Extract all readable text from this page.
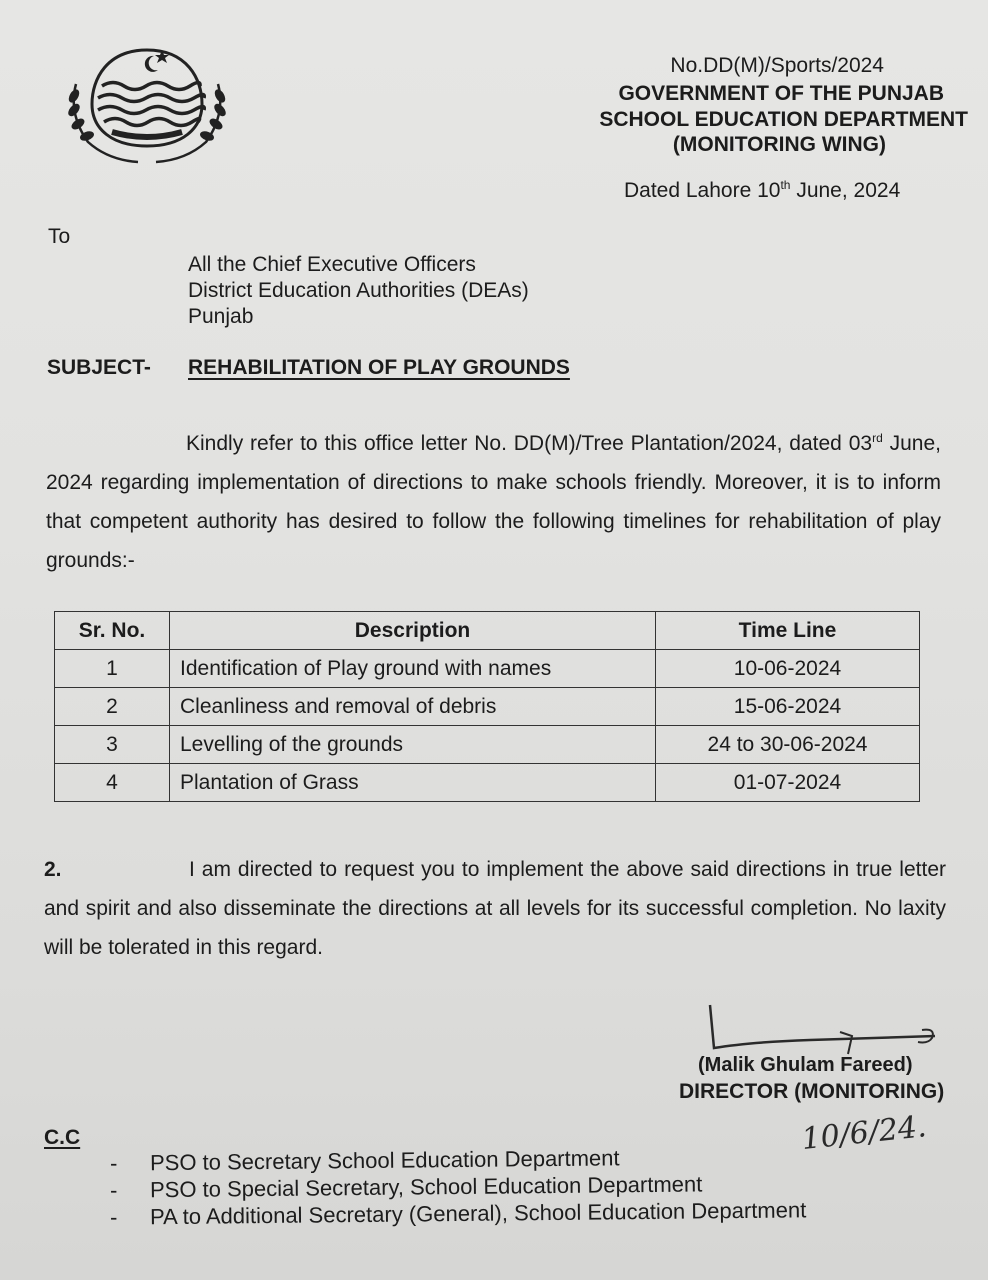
No.DD(M)/Sports/2024
GOVERNMENT OF THE PUNJAB
SCHOOL EDUCATION DEPARTMENT
(MONITORING WING)
Dated Lahore 10th June, 2024
To
All the Chief Executive Officers
District Education Authorities (DEAs)
Punjab
SUBJECT- REHABILITATION OF PLAY GROUNDS
Kindly refer to this office letter No. DD(M)/Tree Plantation/2024, dated 03rd June, 2024 regarding implementation of directions to make schools friendly. Moreover, it is to inform that competent authority has desired to follow the following timelines for rehabilitation of play grounds:-
Sr. No.	Description	Time Line
1	Identification of Play ground with names	10-06-2024
2	Cleanliness and removal of debris	15-06-2024
3	Levelling of the grounds	24 to 30-06-2024
4	Plantation of Grass	01-07-2024
2.	I am directed to request you to implement the above said directions in true letter and spirit and also disseminate the directions at all levels for its successful completion. No laxity will be tolerated in this regard.
(Malik Ghulam Fareed)
DIRECTOR (MONITORING)
10/6/24.
C.C
-	PSO to Secretary School Education Department
-	PSO to Special Secretary, School Education Department
-	PA to Additional Secretary (General), School Education Department
